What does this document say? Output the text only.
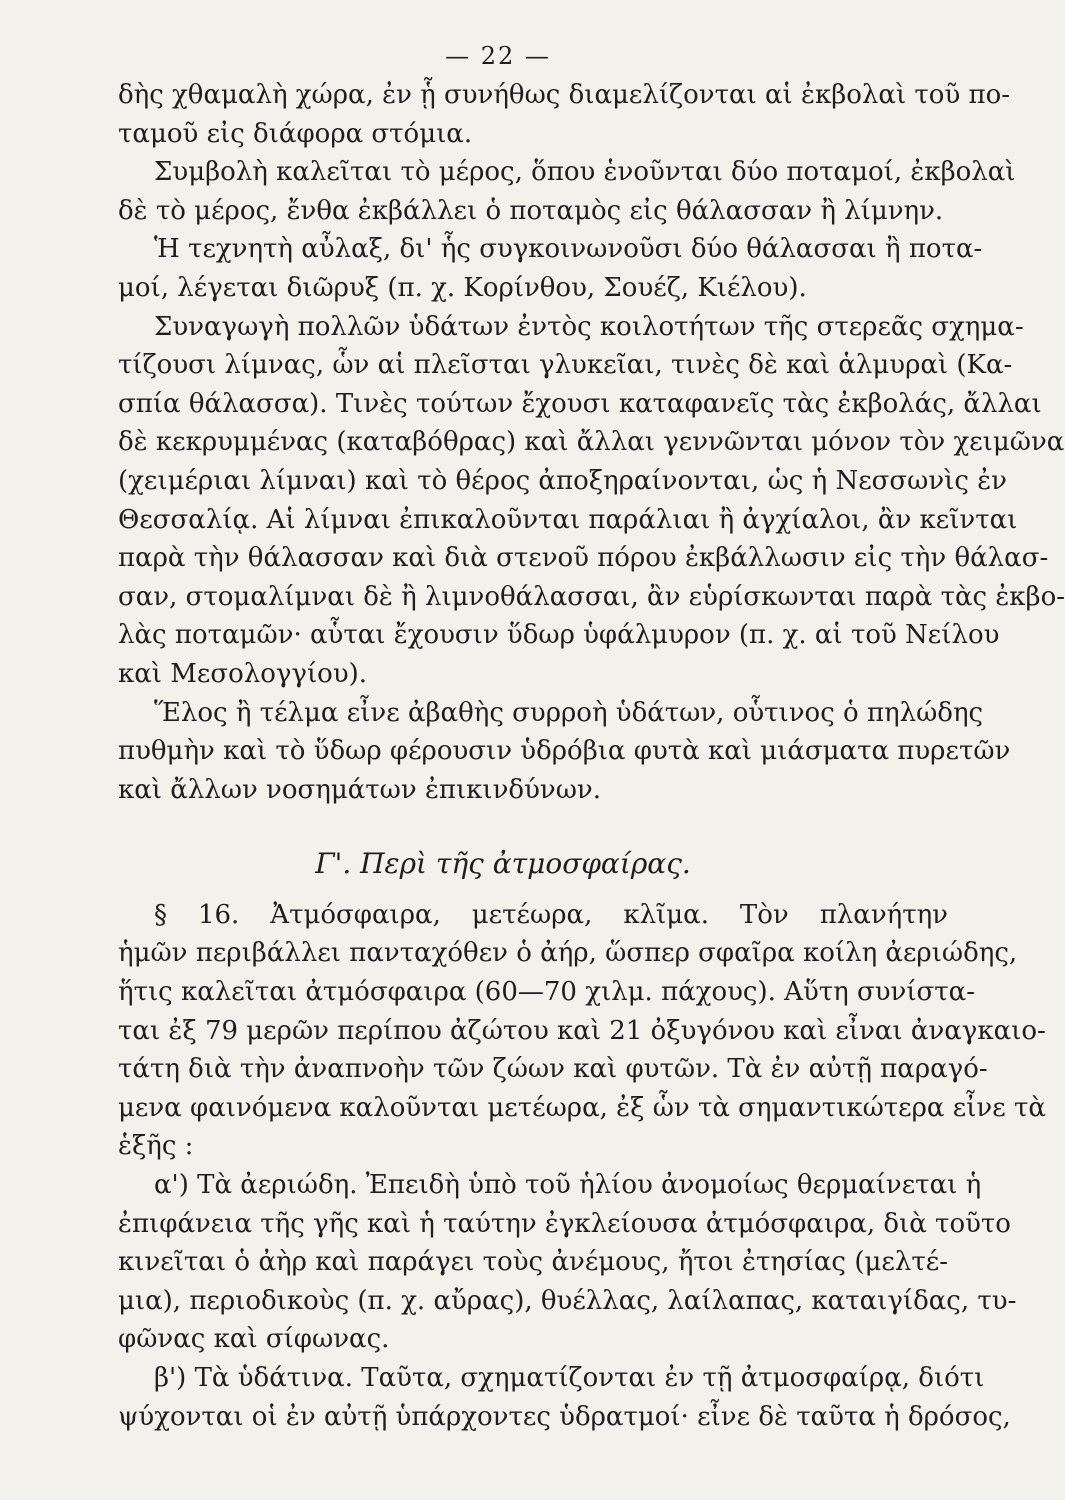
— 22 —
δὴς χθαμαλὴ χώρα, ἐν ᾗ συνήθως διαμελίζονται αἱ ἐκβολαὶ τοῦ πο-
ταμοῦ εἰς διάφορα στόμια.
Συμβολὴ καλεῖται τὸ μέρος, ὅπου ἑνοῦνται δύο ποταμοί, ἐκβολαὶ
δὲ τὸ μέρος, ἔνθα ἐκβάλλει ὁ ποταμὸς εἰς θάλασσαν ἢ λίμνην.
Ἡ τεχνητὴ αὖλαξ, δι' ἧς συγκοινωνοῦσι δύο θάλασσαι ἢ ποτα-
μοί, λέγεται διῶρυξ (π. χ. Κορίνθου, Σουέζ, Κιέλου).
Συναγωγὴ πολλῶν ὑδάτων ἐντὸς κοιλοτήτων τῆς στερεᾶς σχημα-
τίζουσι λίμνας, ὧν αἱ πλεῖσται γλυκεῖαι, τινὲς δὲ καὶ ἁλμυραὶ (Κα-
σπία θάλασσα). Τινὲς τούτων ἔχουσι καταφανεῖς τὰς ἐκβολάς, ἄλλαι
δὲ κεκρυμμένας (καταβόθρας) καὶ ἄλλαι γεννῶνται μόνον τὸν χειμῶνα
(χειμέριαι λίμναι) καὶ τὸ θέρος ἀποξηραίνονται, ὡς ἡ Νεσσωνὶς ἐν
Θεσσαλίᾳ. Αἱ λίμναι ἐπικαλοῦνται παράλιαι ἢ ἀγχίαλοι, ἂν κεῖνται
παρὰ τὴν θάλασσαν καὶ διὰ στενοῦ πόρου ἐκβάλλωσιν εἰς τὴν θάλασ-
σαν, στομαλίμναι δὲ ἢ λιμνοθάλασσαι, ἂν εὑρίσκωνται παρὰ τὰς ἐκβο-
λὰς ποταμῶν· αὗται ἔχουσιν ὕδωρ ὑφάλμυρον (π. χ. αἱ τοῦ Νείλου
καὶ Μεσολογγίου).
Ἕλος ἢ τέλμα εἶνε ἀβαθὴς συρροὴ ὑδάτων, οὗτινος ὁ πηλώδης
πυθμὴν καὶ τὸ ὕδωρ φέρουσιν ὑδρόβια φυτὰ καὶ μιάσματα πυρετῶν
καὶ ἄλλων νοσημάτων ἐπικινδύνων.
Γ'. Περὶ τῆς ἀτμοσφαίρας.
§ 16. Ἀτμόσφαιρα, μετέωρα, κλῖμα. Τὸν πλανήτην
ἡμῶν περιβάλλει πανταχόθεν ὁ ἀήρ, ὥσπερ σφαῖρα κοίλη ἀεριώδης,
ἥτις καλεῖται ἀτμόσφαιρα (60—70 χιλμ. πάχους). Αὕτη συνίστα-
ται ἐξ 79 μερῶν περίπου ἀζώτου καὶ 21 ὀξυγόνου καὶ εἶναι ἀναγκαιο-
τάτη διὰ τὴν ἀναπνοὴν τῶν ζώων καὶ φυτῶν. Τὰ ἐν αὐτῇ παραγό-
μενα φαινόμενα καλοῦνται μετέωρα, ἐξ ὧν τὰ σημαντικώτερα εἶνε τὰ
ἑξῆς :
α') Τὰ ἀεριώδη. Ἐπειδὴ ὑπὸ τοῦ ἡλίου ἀνομοίως θερμαίνεται ἡ
ἐπιφάνεια τῆς γῆς καὶ ἡ ταύτην ἐγκλείουσα ἀτμόσφαιρα, διὰ τοῦτο
κινεῖται ὁ ἀὴρ καὶ παράγει τοὺς ἀνέμους, ἤτοι ἐτησίας (μελτέ-
μια), περιοδικοὺς (π. χ. αὔρας), θυέλλας, λαίλαπας, καταιγίδας, τυ-
φῶνας καὶ σίφωνας.
β') Τὰ ὑδάτινα. Ταῦτα, σχηματίζονται ἐν τῇ ἀτμοσφαίρᾳ, διότι
ψύχονται οἱ ἐν αὐτῇ ὑπάρχοντες ὑδρατμοί· εἶνε δὲ ταῦτα ἡ δρόσος,
